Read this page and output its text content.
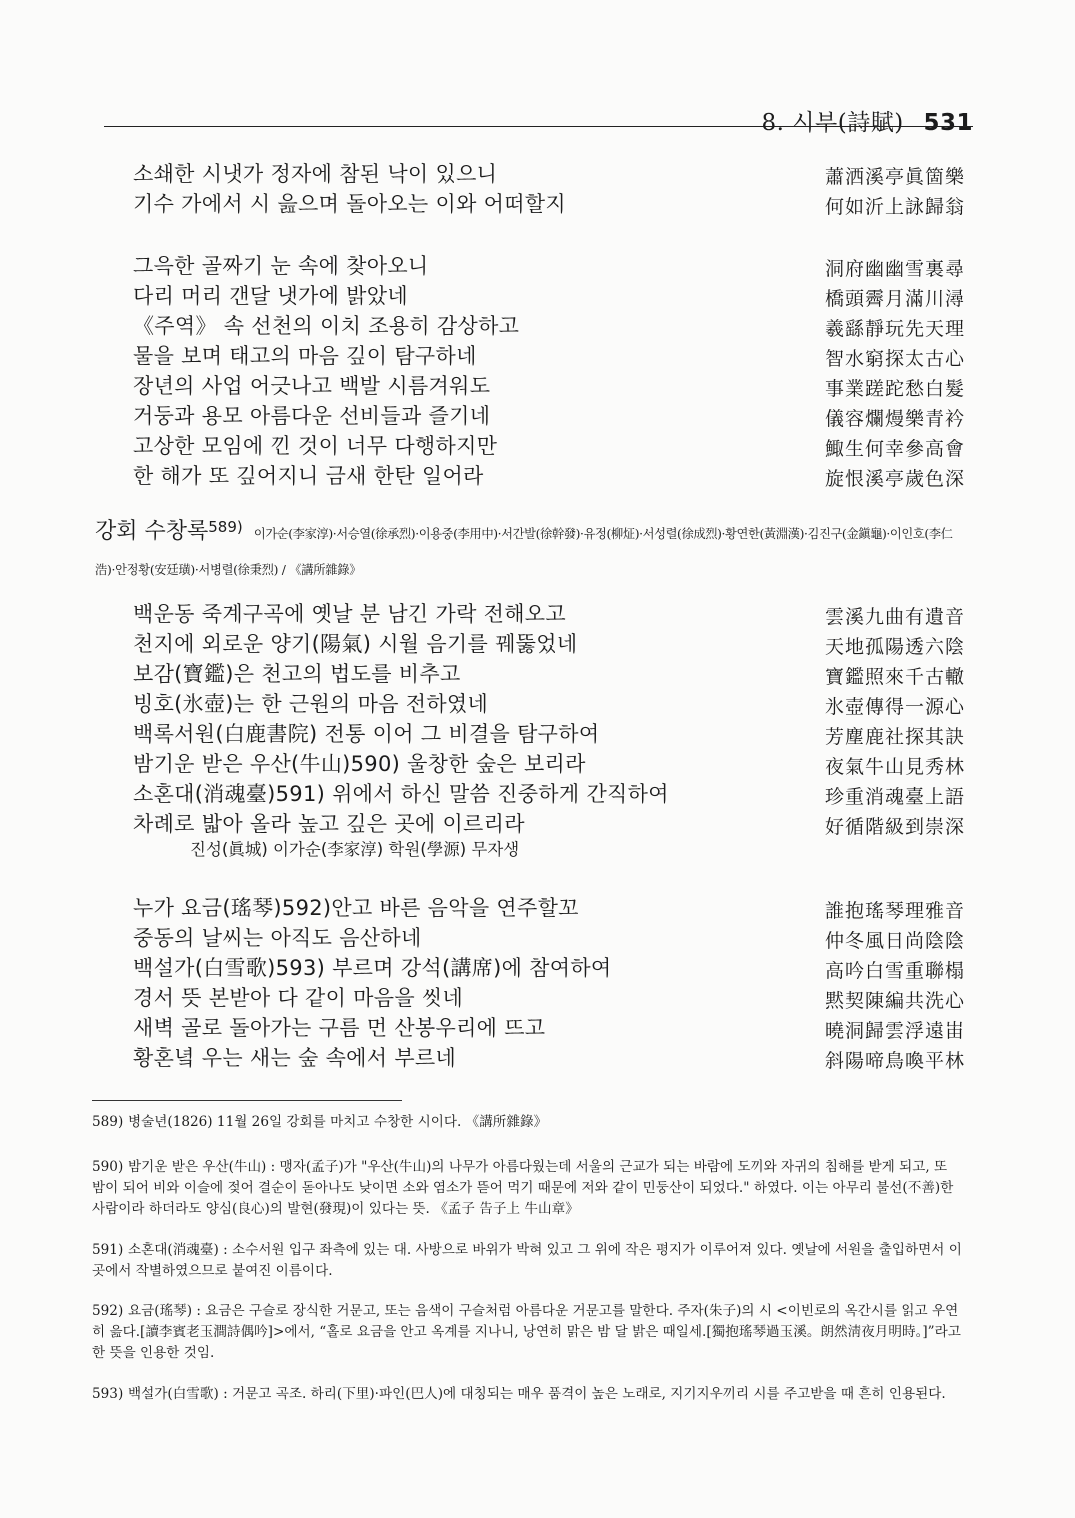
8. 시부(詩賦) 531
소쇄한 시냇가 정자에 참된 낙이 있으니	蕭洒溪亭眞箇樂
기수 가에서 시 읊으며 돌아오는 이와 어떠할지	何如沂上詠歸翁
그윽한 골짜기 눈 속에 찾아오니	洞府幽幽雪裏尋
다리 머리 갠달 냇가에 밝았네	橋頭霽月滿川潯
《주역》 속 선천의 이치 조용히 감상하고	羲繇靜玩先天理
물을 보며 태고의 마음 깊이 탐구하네	智水窮探太古心
장년의 사업 어긋나고 백발 시름겨워도	事業蹉跎愁白髮
거둥과 용모 아름다운 선비들과 즐기네	儀容爛熳樂青衿
고상한 모임에 낀 것이 너무 다행하지만	鯫生何幸參高會
한 해가 또 깊어지니 금새 한탄 일어라	旋恨溪亭歲色深
강회 수창록589) 이가순(李家淳)·서승열(徐承烈)·이용중(李用中)·서간발(徐幹發)·유정(柳炡)·서성렬(徐成烈)·황연한(黃淵漢)·김진구(金鎭龜)·이인호(李仁
浩)·안정황(安廷璜)·서병렬(徐秉烈) / 《講所雜錄》
백운동 죽계구곡에 옛날 분 남긴 가락 전해오고	雲溪九曲有遺音
천지에 외로운 양기(陽氣) 시월 음기를 꿰뚫었네	天地孤陽透六陰
보감(寶鑑)은 천고의 법도를 비추고	寶鑑照來千古轍
빙호(氷壺)는 한 근원의 마음 전하였네	氷壺傳得一源心
백록서원(白鹿書院) 전통 이어 그 비결을 탐구하여	芳塵鹿社探其訣
밤기운 받은 우산(牛山)590) 울창한 숲은 보리라	夜氣牛山見秀林
소혼대(消魂臺)591) 위에서 하신 말씀 진중하게 간직하여	珍重消魂臺上語
차례로 밟아 올라 높고 깊은 곳에 이르리라	好循階級到崇深
진성(眞城) 이가순(李家淳) 학원(學源) 무자생
누가 요금(瑤琴)592)안고 바른 음악을 연주할꼬	誰抱瑤琴理雅音
중동의 날씨는 아직도 음산하네	仲冬風日尚陰陰
백설가(白雪歌)593) 부르며 강석(講席)에 참여하여	高吟白雪重聯榻
경서 뜻 본받아 다 같이 마음을 씻네	黙契陳編共洗心
새벽 골로 돌아가는 구름 먼 산봉우리에 뜨고	曉洞歸雲浮遠峀
황혼녘 우는 새는 숲 속에서 부르네	斜陽啼鳥喚平林
589) 병술년(1826) 11월 26일 강회를 마치고 수창한 시이다. 《講所雜錄》
590) 밤기운 받은 우산(牛山) : 맹자(孟子)가 "우산(牛山)의 나무가 아름다웠는데 서울의 근교가 되는 바람에 도끼와 자귀의 침해를 받게 되고, 또 밤이 되어 비와 이슬에 젖어 결순이 돋아나도 낮이면 소와 염소가 뜯어 먹기 때문에 저와 같이 민둥산이 되었다." 하였다. 이는 아무리 불선(不善)한 사람이라 하더라도 양심(良心)의 발현(發現)이 있다는 뜻. 《孟子 告子上 牛山章》
591) 소혼대(消魂臺) : 소수서원 입구 좌측에 있는 대. 사방으로 바위가 박혀 있고 그 위에 작은 평지가 이루어져 있다. 옛날에 서원을 출입하면서 이곳에서 작별하였으므로 붙여진 이름이다.
592) 요금(瑤琴) : 요금은 구슬로 장식한 거문고, 또는 음색이 구슬처럼 아름다운 거문고를 말한다. 주자(朱子)의 시 <이빈로의 옥간시를 읽고 우연히 읊다.[讀李賓老玉澗詩偶吟]>에서, “홀로 요금을 안고 옥계를 지나니, 낭연히 맑은 밤 달 밝은 때일세.[獨抱瑤琴過玉溪。朗然淸夜月明時。]”라고 한 뜻을 인용한 것임.
593) 백설가(白雪歌) : 거문고 곡조. 하리(下里)·파인(巴人)에 대칭되는 매우 품격이 높은 노래로, 지기지우끼리 시를 주고받을 때 흔히 인용된다.
